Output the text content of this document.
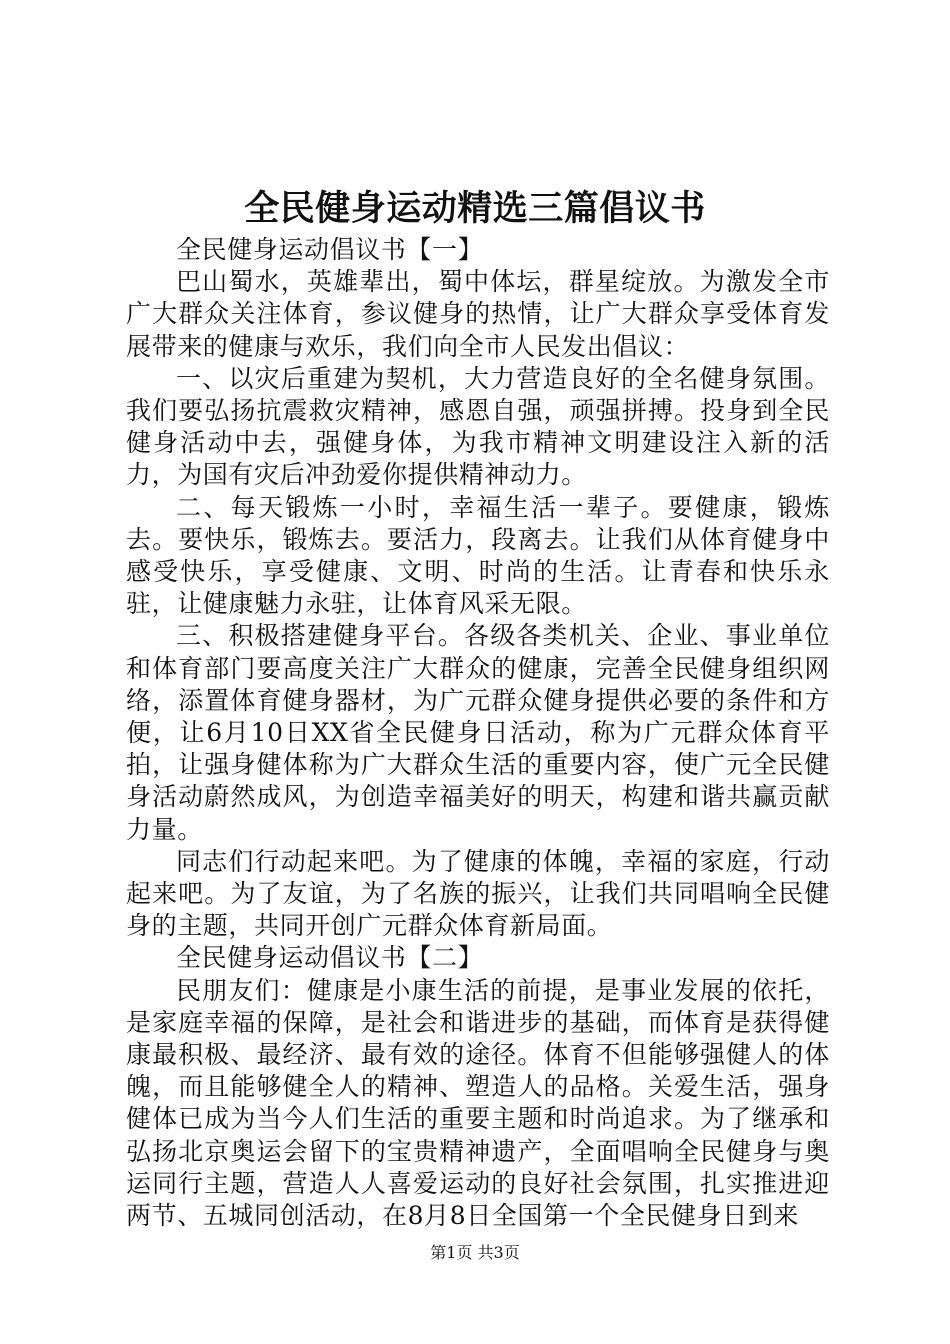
全民健身运动精选三篇倡议书

全民健身运动倡议书【一】

巴山蜀水，英雄辈出，蜀中体坛，群星绽放。为激发全市广大群众关注体育，参议健身的热情，让广大群众享受体育发展带来的健康与欢乐，我们向全市人民发出倡议：

一、以灾后重建为契机，大力营造良好的全名健身氛围。我们要弘扬抗震救灾精神，感恩自强，顽强拼搏。投身到全民健身活动中去，强健身体，为我市精神文明建设注入新的活力，为国有灾后冲劲爱你提供精神动力。

二、每天锻炼一小时，幸福生活一辈子。要健康，锻炼去。要快乐，锻炼去。要活力，段离去。让我们从体育健身中感受快乐，享受健康、文明、时尚的生活。让青春和快乐永驻，让健康魅力永驻，让体育风采无限。

三、积极搭建健身平台。各级各类机关、企业、事业单位和体育部门要高度关注广大群众的健康，完善全民健身组织网络，添置体育健身器材，为广元群众健身提供必要的条件和方便，让6月10日XX省全民健身日活动，称为广元群众体育平拍，让强身健体称为广大群众生活的重要内容，使广元全民健身活动蔚然成风，为创造幸福美好的明天，构建和谐共赢贡献力量。

同志们行动起来吧。为了健康的体魄，幸福的家庭，行动起来吧。为了友谊，为了名族的振兴，让我们共同唱响全民健身的主题，共同开创广元群众体育新局面。

全民健身运动倡议书【二】

民朋友们：健康是小康生活的前提，是事业发展的依托，是家庭幸福的保障，是社会和谐进步的基础，而体育是获得健康最积极、最经济、最有效的途径。体育不但能够强健人的体魄，而且能够健全人的精神、塑造人的品格。关爱生活，强身健体已成为当今人们生活的重要主题和时尚追求。为了继承和弘扬北京奥运会留下的宝贵精神遗产，全面唱响全民健身与奥运同行主题，营造人人喜爱运动的良好社会氛围，扎实推进迎两节、五城同创活动，在8月8日全国第一个全民健身日到来

第1页 共3页
